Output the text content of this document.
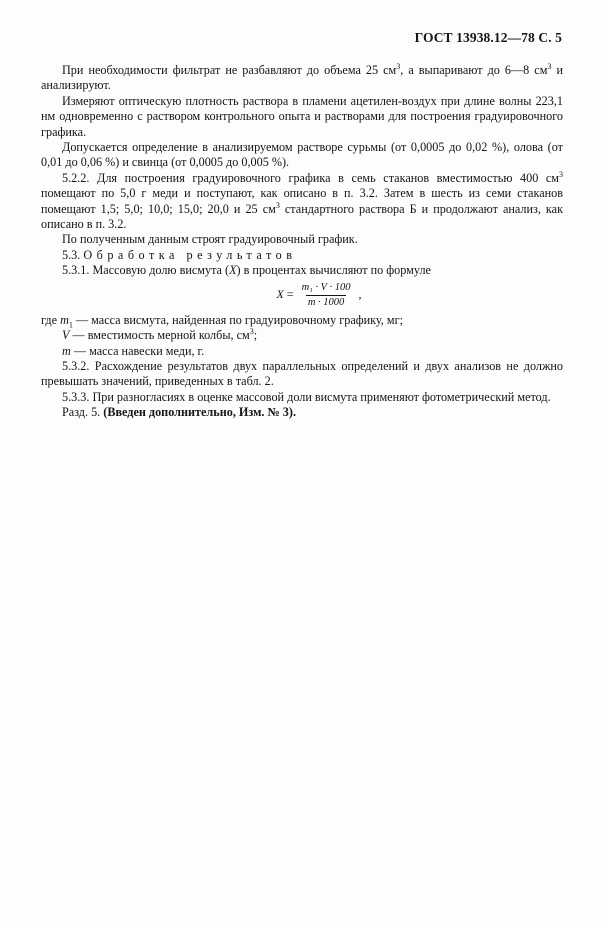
ГОСТ 13938.12—78 С. 5

При необходимости фильтрат не разбавляют до объема 25 $см^3$, а выпаривают до 6—8 $см^3$ и анализируют.

Измеряют оптическую плотность раствора в пламени ацетилен-воздух при длине волны 223,1 нм одновременно с раствором контрольного опыта и растворами для построения градуировочного графика.

Допускается определение в анализируемом растворе сурьмы (от 0,0005 до 0,02 %), олова (от 0,01 до 0,06 %) и свинца (от 0,0005 до 0,005 %).

5.2.2. Для построения градуировочного графика в семь стаканов вместимостью 400 $см^3$ помещают по 5,0 г меди и поступают, как описано в п. 3.2. Затем в шесть из семи стаканов помещают 1,5; 5,0; 10,0; 15,0; 20,0 и 25 $см^3$ стандартного раствора Б и продолжают анализ, как описано в п. 3.2.

По полученным данным строят градуировочный график.

5.3. Обработка результатов

5.3.1. Массовую долю висмута (X) в процентах вычисляют по формуле

$X = \frac{\text{m₁ · V · 100}}{m \cdot 1000}$ ,

где $m_1$ — масса висмута, найденная по градуировочному графику, мг;

V — вместимость мерной колбы, $см^3$;

m — масса навески меди, г.

5.3.2. Расхождение результатов двух параллельных определений и двух анализов не должно превышать значений, приведенных в табл. 2.

5.3.3. При разногласиях в оценке массовой доли висмута применяют фотометрический метод.

Разд. 5. (Введен дополнительно, Изм. № 3).
